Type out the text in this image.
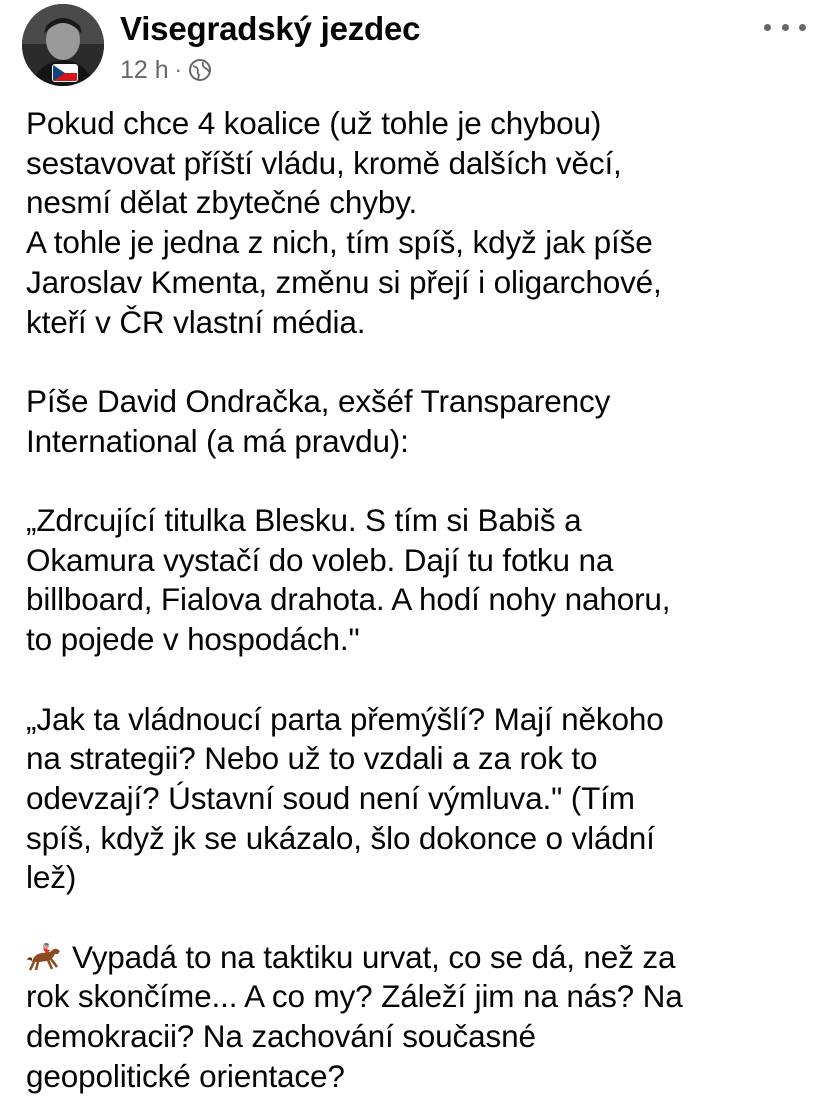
Visegradský jezdec
12 h ·

Pokud chce 4 koalice (už tohle je chybou)
sestavovat příští vládu, kromě dalších věcí,
nesmí dělat zbytečné chyby.
A tohle je jedna z nich, tím spíš, když jak píše
Jaroslav Kmenta, změnu si přejí i oligarchové,
kteří v ČR vlastní média.

Píše David Ondračka, exšéf Transparency
International (a má pravdu):

„Zdrcující titulka Blesku. S tím si Babiš a
Okamura vystačí do voleb. Dají tu fotku na
billboard, Fialova drahota. A hodí nohy nahoru,
to pojede v hospodách."

„Jak ta vládnoucí parta přemýšlí? Mají někoho
na strategii? Nebo už to vzdali a za rok to
odevzají? Ústavní soud není výmluva." (Tím
spíš, když jk se ukázalo, šlo dokonce o vládní
lež)

Vypadá to na taktiku urvat, co se dá, než za
rok skončíme... A co my? Záleží jim na nás? Na
demokracii? Na zachování současné
geopolitické orientace?
